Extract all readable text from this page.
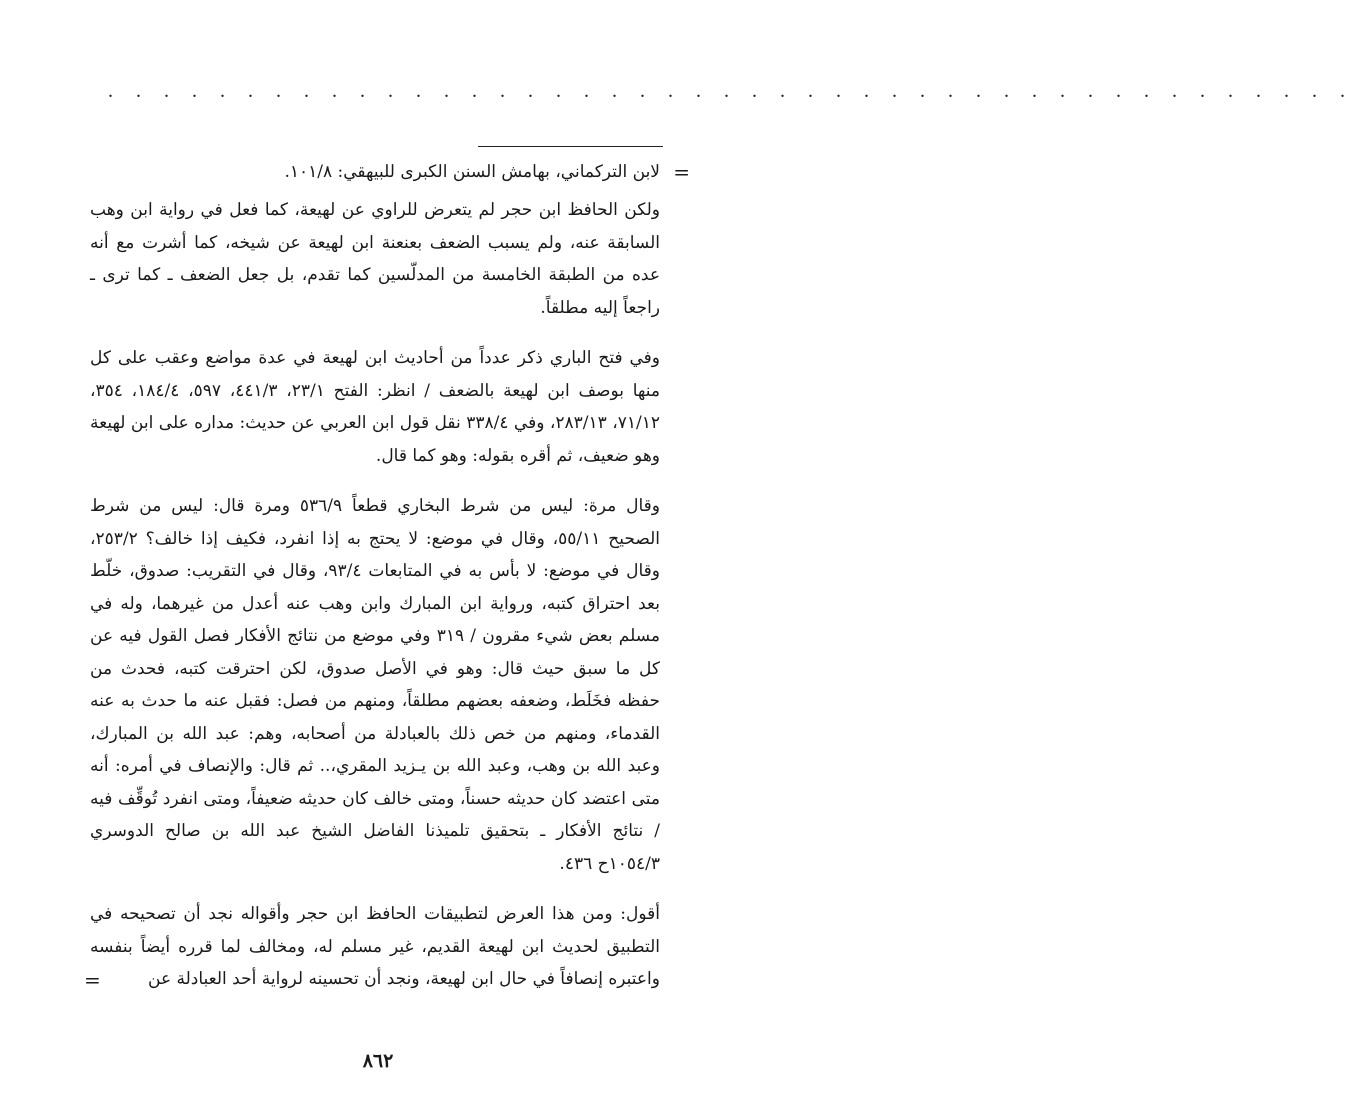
. . . . . . . . . . . . . . . . . . . . . . . . . . . . . . . . . . . . . . . . . . . . .
=
لابن التركماني، بهامش السنن الكبرى للبيهقي: ١٠١/٨.

ولكن الحافظ ابن حجر لم يتعرض للراوي عن لهيعة، كما فعل في رواية ابن وهب السابقة عنه، ولم يسبب الضعف بعنعنة ابن لهيعة عن شيخه، كما أشرت مع أنه عده من الطبقة الخامسة من المدلّسين كما تقدم، بل جعل الضعف ـ كما ترى ـ راجعاً إليه مطلقاً.

وفي فتح الباري ذكر عدداً من أحاديث ابن لهيعة في عدة مواضع وعقب على كل منها بوصف ابن لهيعة بالضعف / انظر: الفتح ٢٣/١، ٤٤١/٣، ٥٩٧، ١٨٤/٤، ٣٥٤، ٧١/١٢، ٢٨٣/١٣، وفي ٣٣٨/٤ نقل قول ابن العربي عن حديث: مداره على ابن لهيعة وهو ضعيف، ثم أقره بقوله: وهو كما قال.

وقال مرة: ليس من شرط البخاري قطعاً ٥٣٦/٩ ومرة قال: ليس من شرط الصحيح ٥٥/١١، وقال في موضع: لا يحتج به إذا انفرد، فكيف إذا خالف؟ ٢٥٣/٢، وقال في موضع: لا بأس به في المتابعات ٩٣/٤، وقال في التقريب: صدوق، خلّط بعد احتراق كتبه، ورواية ابن المبارك وابن وهب عنه أعدل من غيرهما، وله في مسلم بعض شيء مقرون / ٣١٩ وفي موضع من نتائج الأفكار فصل القول فيه عن كل ما سبق حيث قال: وهو في الأصل صدوق، لكن احترقت كتبه، فحدث من حفظه فخَلَط، وضعفه بعضهم مطلقاً، ومنهم من فصل: فقبل عنه ما حدث به عنه القدماء، ومنهم من خص ذلك بالعبادلة من أصحابه، وهم: عبد الله بن المبارك، وعبد الله بن وهب، وعبد الله بن يـزيد المقري،.. ثم قال: والإنصاف في أمره: أنه متى اعتضد كان حديثه حسناً، ومتى خالف كان حديثه ضعيفاً، ومتى انفرد تُوقِّف فيه / نتائج الأفكار ـ بتحقيق تلميذنا الفاضل الشيخ عبد الله بن صالح الدوسري ١٠٥٤/٣ح ٤٣٦.

أقول: ومن هذا العرض لتطبيقات الحافظ ابن حجر وأقواله نجد أن تصحيحه في التطبيق لحديث ابن لهيعة القديم، غير مسلم له، ومخالف لما قرره أيضاً بنفسه واعتبره إنصافاً في حال ابن لهيعة، ونجد أن تحسينه لرواية أحد العبادلة عن

=
٨٦٢
